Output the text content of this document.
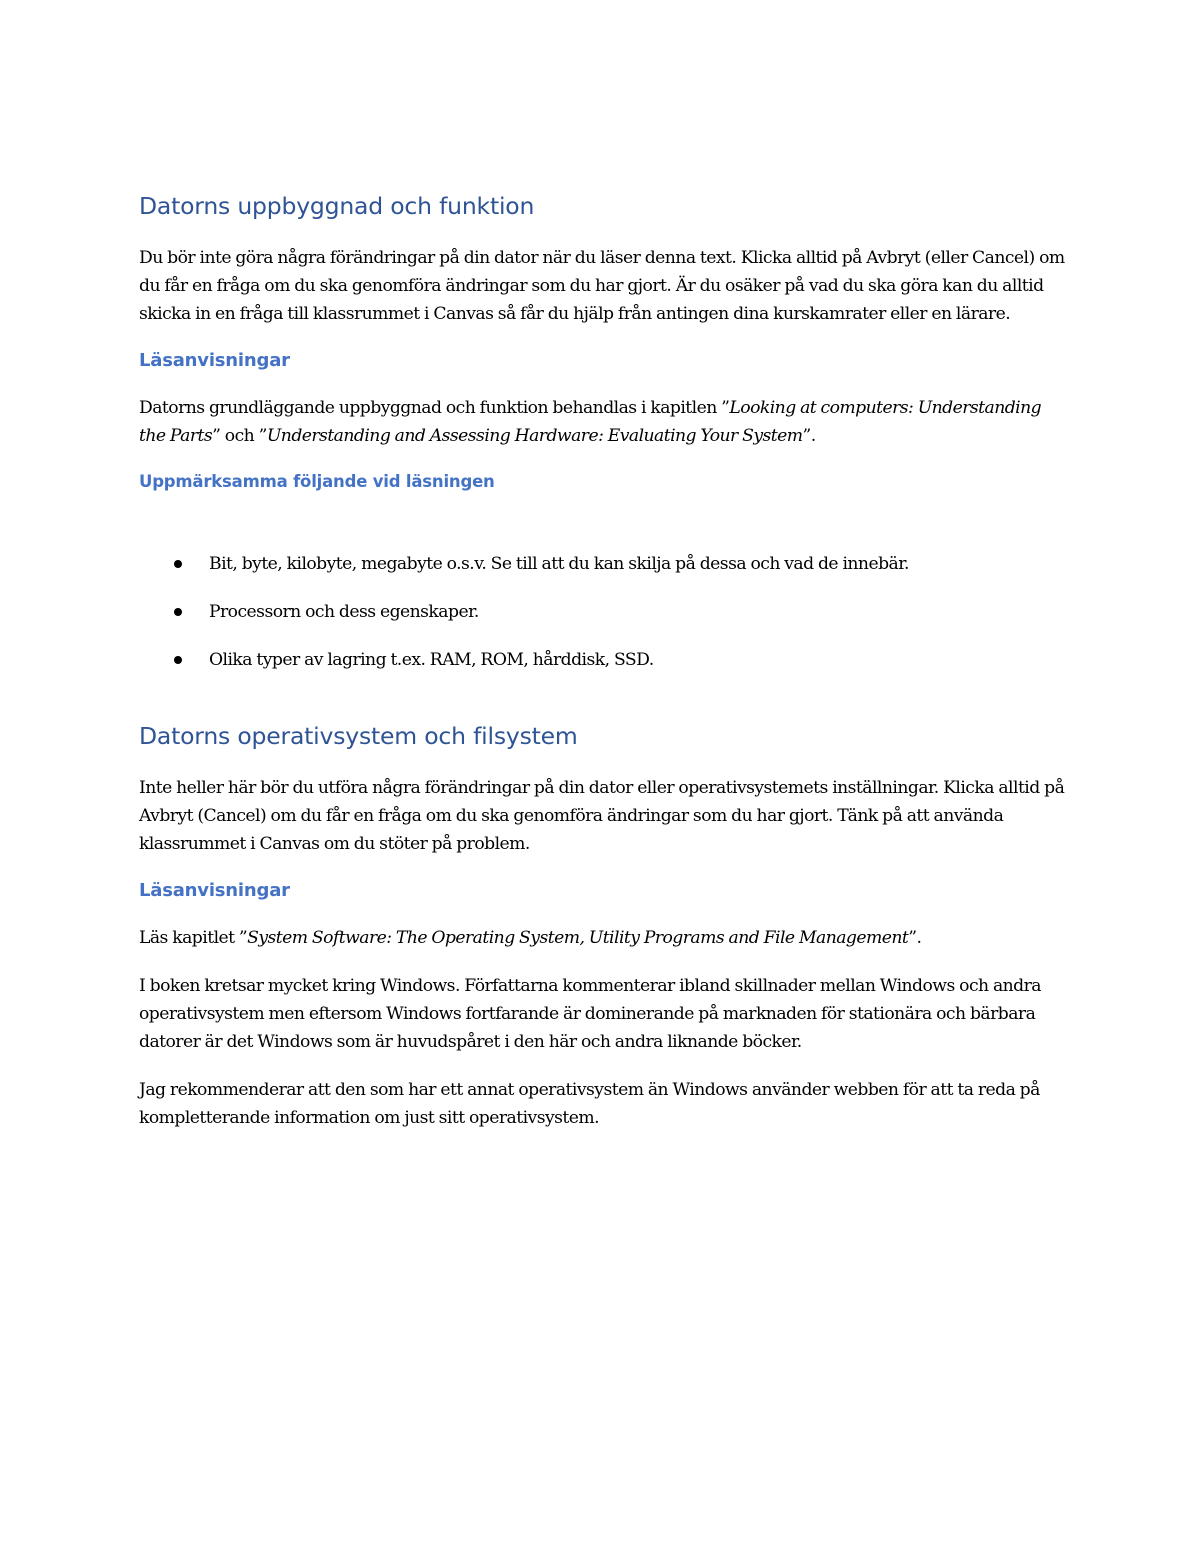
Datorns uppbyggnad och funktion

Du bör inte göra några förändringar på din dator när du läser denna text. Klicka alltid på Avbryt (eller Cancel) om du får en fråga om du ska genomföra ändringar som du har gjort. Är du osäker på vad du ska göra kan du alltid skicka in en fråga till klassrummet i Canvas så får du hjälp från antingen dina kurskamrater eller en lärare.

Läsanvisningar

Datorns grundläggande uppbyggnad och funktion behandlas i kapitlen ”Looking at computers: Understanding the Parts” och ”Understanding and Assessing Hardware: Evaluating Your System”.

Uppmärksamma följande vid läsningen
Bit, byte, kilobyte, megabyte o.s.v. Se till att du kan skilja på dessa och vad de innebär.
Processorn och dess egenskaper.
Olika typer av lagring t.ex. RAM, ROM, hårddisk, SSD.
Datorns operativsystem och filsystem

Inte heller här bör du utföra några förändringar på din dator eller operativsystemets inställningar. Klicka alltid på Avbryt (Cancel) om du får en fråga om du ska genomföra ändringar som du har gjort. Tänk på att använda klassrummet i Canvas om du stöter på problem.

Läsanvisningar

Läs kapitlet ”System Software: The Operating System, Utility Programs and File Management”.

I boken kretsar mycket kring Windows. Författarna kommenterar ibland skillnader mellan Windows och andra operativsystem men eftersom Windows fortfarande är dominerande på marknaden för stationära och bärbara datorer är det Windows som är huvudspåret i den här och andra liknande böcker.

Jag rekommenderar att den som har ett annat operativsystem än Windows använder webben för att ta reda på kompletterande information om just sitt operativsystem.
